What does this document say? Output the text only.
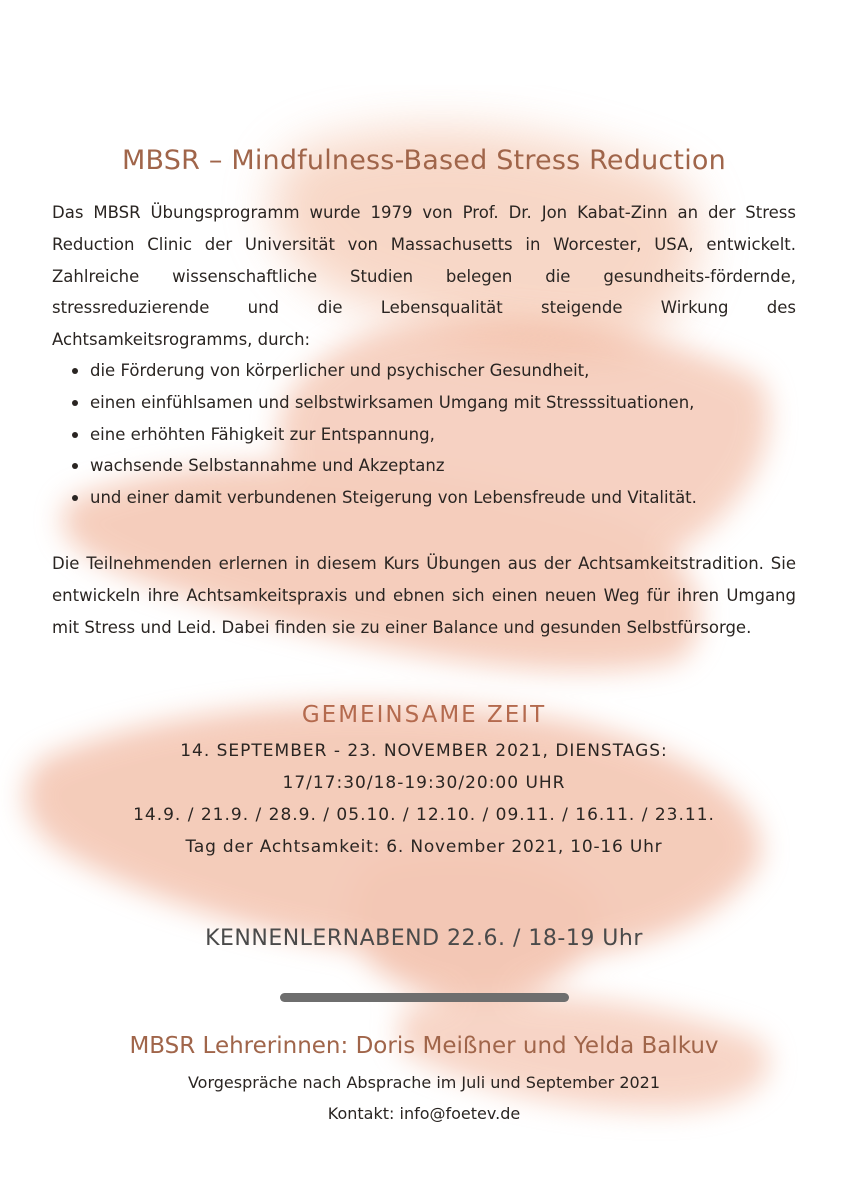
MBSR – Mindfulness-Based Stress Reduction

Das MBSR Übungsprogramm wurde 1979 von Prof. Dr. Jon Kabat-Zinn an der Stress Reduction Clinic der Universität von Massachusetts in Worcester, USA, entwickelt. Zahlreiche wissenschaftliche Studien belegen die gesundheits-fördernde, stressreduzierende und die Lebensqualität steigende Wirkung des Achtsamkeitsrogramms, durch:

die Förderung von körperlicher und psychischer Gesundheit,
einen einfühlsamen und selbstwirksamen Umgang mit Stresssituationen,
eine erhöhten Fähigkeit zur Entspannung,
wachsende Selbstannahme und Akzeptanz
und einer damit verbundenen Steigerung von Lebensfreude und Vitalität.

Die Teilnehmenden erlernen in diesem Kurs Übungen aus der Achtsamkeitstradition. Sie entwickeln ihre Achtsamkeitspraxis und ebnen sich einen neuen Weg für ihren Umgang mit Stress und Leid. Dabei finden sie zu einer Balance und gesunden Selbstfürsorge.

GEMEINSAME ZEIT
14. SEPTEMBER - 23. NOVEMBER 2021, DIENSTAGS:
17/17:30/18-19:30/20:00 UHR
14.9. / 21.9. / 28.9. / 05.10. / 12.10. / 09.11. / 16.11. / 23.11.
Tag der Achtsamkeit: 6. November 2021, 10-16 Uhr
KENNENLERNABEND 22.6. / 18-19 Uhr
MBSR Lehrerinnen: Doris Meißner und Yelda Balkuv
Vorgespräche nach Absprache im Juli und September 2021
Kontakt: info@foetev.de
